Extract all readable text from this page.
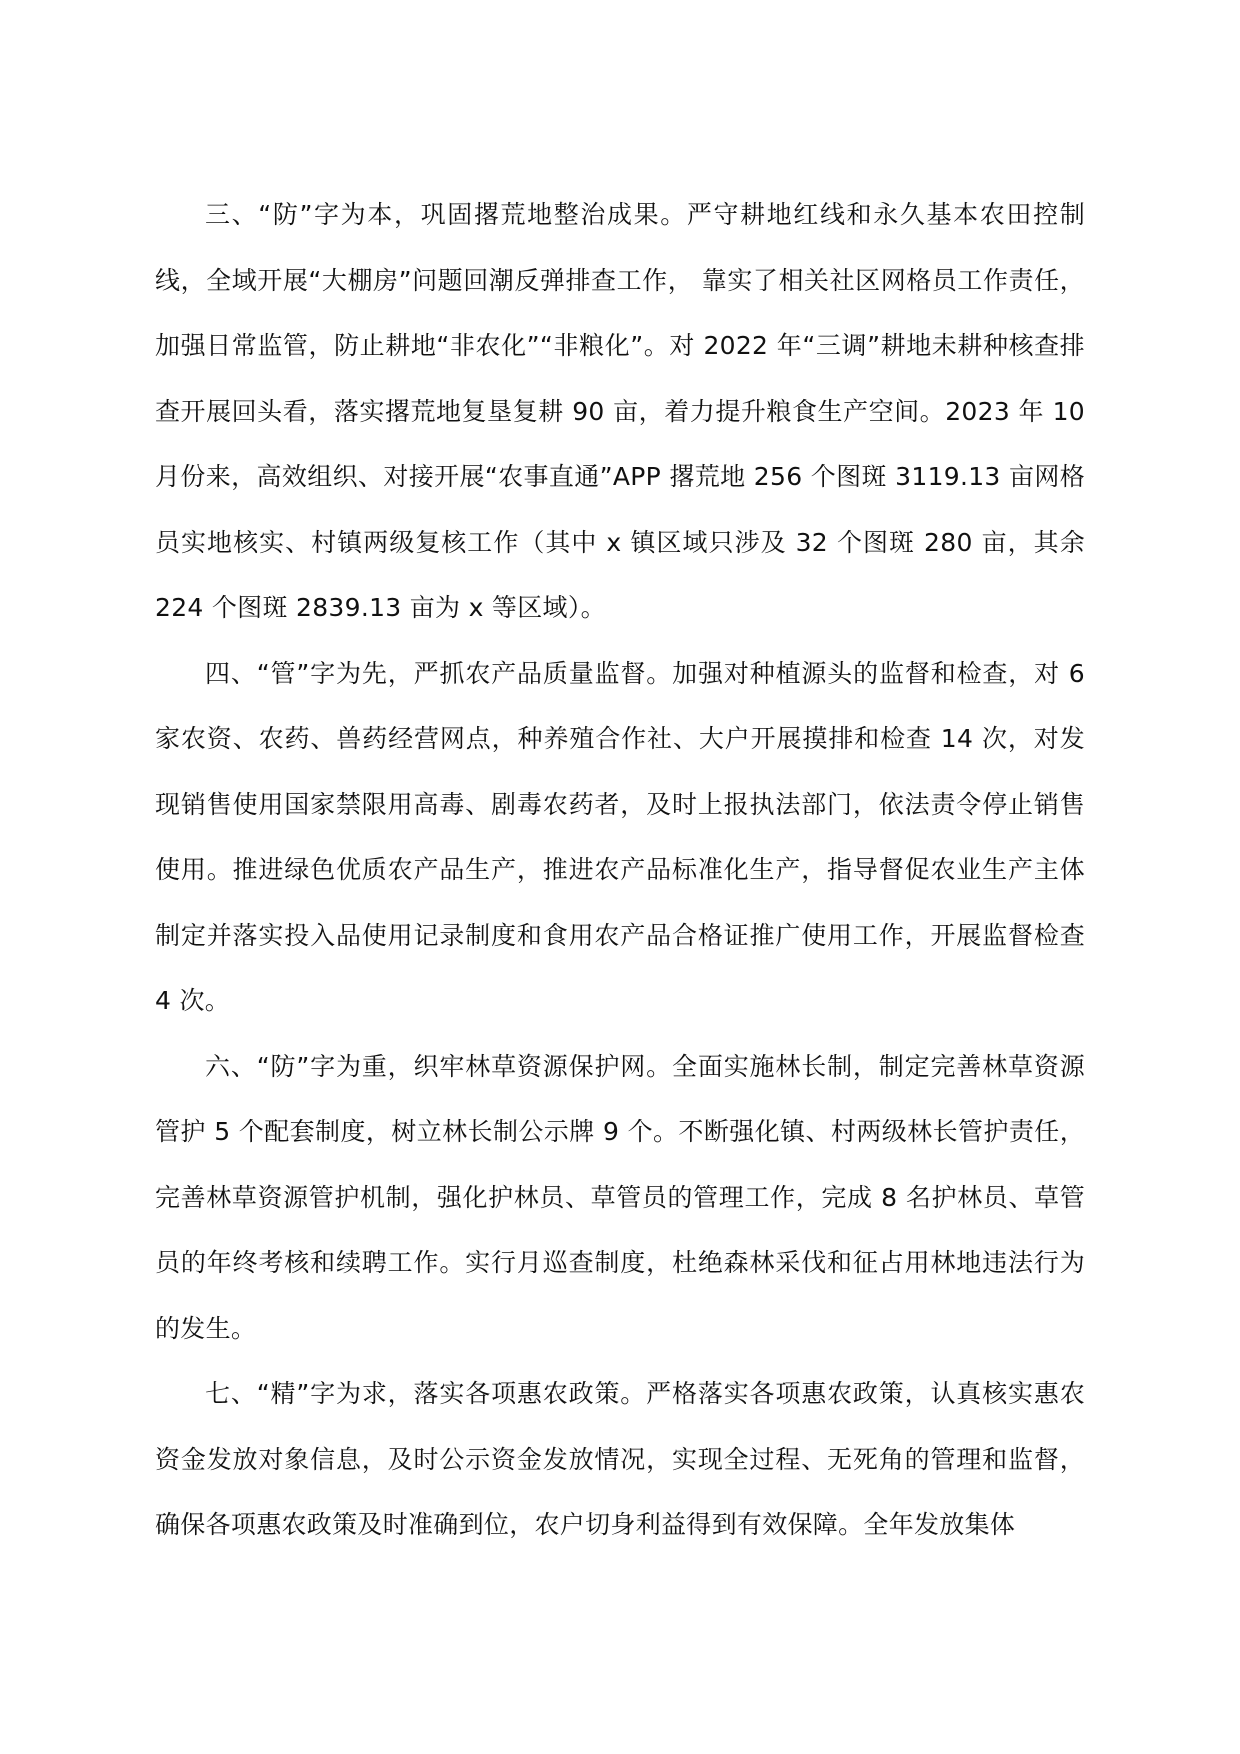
三、“防”字为本，巩固撂荒地整治成果。严守耕地红线和永久基本农田控制线，全域开展“大棚房”问题回潮反弹排查工作， 靠实了相关社区网格员工作责任，加强日常监管，防止耕地“非农化”“非粮化”。对 2022 年“三调”耕地未耕种核查排查开展回头看，落实撂荒地复垦复耕 90 亩，着力提升粮食生产空间。2023 年 10 月份来，高效组织、对接开展“农事直通”APP 撂荒地 256 个图斑 3119.13 亩网格员实地核实、村镇两级复核工作（其中 x 镇区域只涉及 32 个图斑 280 亩，其余 224 个图斑 2839.13 亩为 x 等区域）。

四、“管”字为先，严抓农产品质量监督。加强对种植源头的监督和检查，对 6 家农资、农药、兽药经营网点，种养殖合作社、大户开展摸排和检查 14 次，对发现销售使用国家禁限用高毒、剧毒农药者，及时上报执法部门，依法责令停止销售使用。推进绿色优质农产品生产，推进农产品标准化生产，指导督促农业生产主体制定并落实投入品使用记录制度和食用农产品合格证推广使用工作，开展监督检查 4 次。

六、“防”字为重，织牢林草资源保护网。全面实施林长制，制定完善林草资源管护 5 个配套制度，树立林长制公示牌 9 个。不断强化镇、村两级林长管护责任，完善林草资源管护机制，强化护林员、草管员的管理工作，完成 8 名护林员、草管员的年终考核和续聘工作。实行月巡查制度，杜绝森林采伐和征占用林地违法行为的发生。

七、“精”字为求，落实各项惠农政策。严格落实各项惠农政策，认真核实惠农资金发放对象信息，及时公示资金发放情况，实现全过程、无死角的管理和监督，确保各项惠农政策及时准确到位，农户切身利益得到有效保障。全年发放集体
